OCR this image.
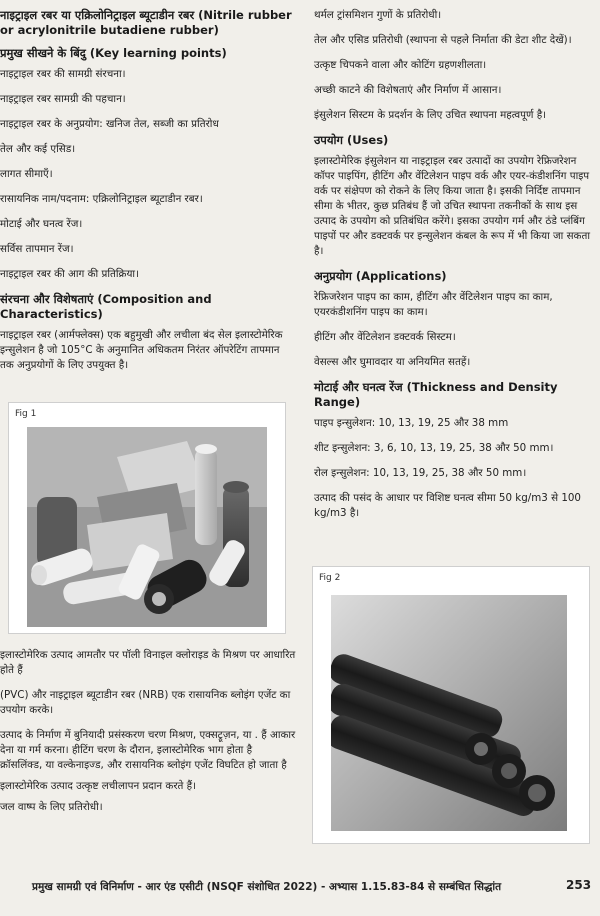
नाइट्राइल रबर या एक्रिलोनिट्राइल ब्यूटाडीन रबर (Nitrile rubber or acrylonitrile butadiene rubber)
प्रमुख सीखने के बिंदु (Key learning points)
नाइट्राइल रबर की सामग्री संरचना।
नाइट्राइल रबर सामग्री की पहचान।
नाइट्राइल रबर के अनुप्रयोग: खनिज तेल, सब्जी का प्रतिरोध
तेल और कई एसिड।
लागत सीमाएँ।
रासायनिक नाम/पदनाम: एक्रिलोनिट्राइल ब्यूटाडीन रबर।
मोटाई और घनत्व रेंज।
सर्विस तापमान रेंज।
नाइट्राइल रबर की आग की प्रतिक्रिया।
संरचना और विशेषताएं (Composition and Characteristics)
नाइट्राइल रबर (आर्मफ्लेक्स) एक बहुमुखी और लचीला बंद सेल इलास्टोमेरिक इन्सुलेशन है जो 105°C के अनुमानित अधिकतम निरंतर ऑपरेटिंग तापमान तक अनुप्रयोगों के लिए उपयुक्त है।
Fig 1
इलास्टोमेरिक उत्पाद आमतौर पर पॉली विनाइल क्लोराइड के मिश्रण पर आधारित होते हैं
(PVC) और नाइट्राइल ब्यूटाडीन रबर (NRB) एक रासायनिक ब्लोइंग एजेंट का उपयोग करके।
उत्पाद के निर्माण में बुनियादी प्रसंस्करण चरण मिश्रण, एक्सट्रूज़न, या . हैं आकार देना या गर्म करना। हीटिंग चरण के दौरान, इलास्टोमेरिक भाग होता है क्रॉसलिंक्ड, या वल्केनाइज्ड, और रासायनिक ब्लोइंग एजेंट विघटित हो जाता है
इलास्टोमेरिक उत्पाद उत्कृष्ट लचीलापन प्रदान करते हैं।
जल वाष्प के लिए प्रतिरोधी।
थर्मल ट्रांसमिशन गुणों के प्रतिरोधी।
तेल और एसिड प्रतिरोधी (स्थापना से पहले निर्माता की डेटा शीट देखें)।
उत्कृष्ट चिपकने वाला और कोटिंग ग्रहणशीलता।
अच्छी काटने की विशेषताएं और निर्माण में आसान।
इंसुलेशन सिस्टम के प्रदर्शन के लिए उचित स्थापना महत्वपूर्ण है।
उपयोग (Uses)
इलास्टोमेरिक इंसुलेशन या नाइट्राइल रबर उत्पादों का उपयोग रेफ्रिजरेशन कॉपर पाइपिंग, हीटिंग और वेंटिलेशन पाइप वर्क और एयर-कंडीशनिंग पाइप वर्क पर संक्षेपण को रोकने के लिए किया जाता है। इसकी निर्दिष्ट तापमान सीमा के भीतर, कुछ प्रतिबंध हैं जो उचित स्थापना तकनीकों के साथ इस उत्पाद के उपयोग को प्रतिबंधित करेंगे। इसका उपयोग गर्म और ठंडे प्लंबिंग पाइपों पर और डक्टवर्क पर इन्सुलेशन कंबल के रूप में भी किया जा सकता है।
अनुप्रयोग (Applications)
रेफ्रिजरेशन पाइप का काम, हीटिंग और वेंटिलेशन पाइप का काम, एयरकंडीशनिंग पाइप का काम।
हीटिंग और वेंटिलेशन डक्टवर्क सिस्टम।
वेसल्स और घुमावदार या अनियमित सतहें।
मोटाई और घनत्व रेंज (Thickness and Density Range)
पाइप इन्सुलेशन: 10, 13, 19, 25 और 38 mm
शीट इन्सुलेशन: 3, 6, 10, 13, 19, 25, 38 और 50 mm।
रोल इन्सुलेशन: 10, 13, 19, 25, 38 और 50 mm।
उत्पाद की पसंद के आधार पर विशिष्ट घनत्व सीमा 50 kg/m3 से 100 kg/m3 है।
Fig 2
प्रमुख सामग्री एवं विनिर्माण - आर एंड एसीटी (NSQF संशोधित 2022) - अभ्यास 1.15.83-84 से सम्बंधित सिद्धांत	253
